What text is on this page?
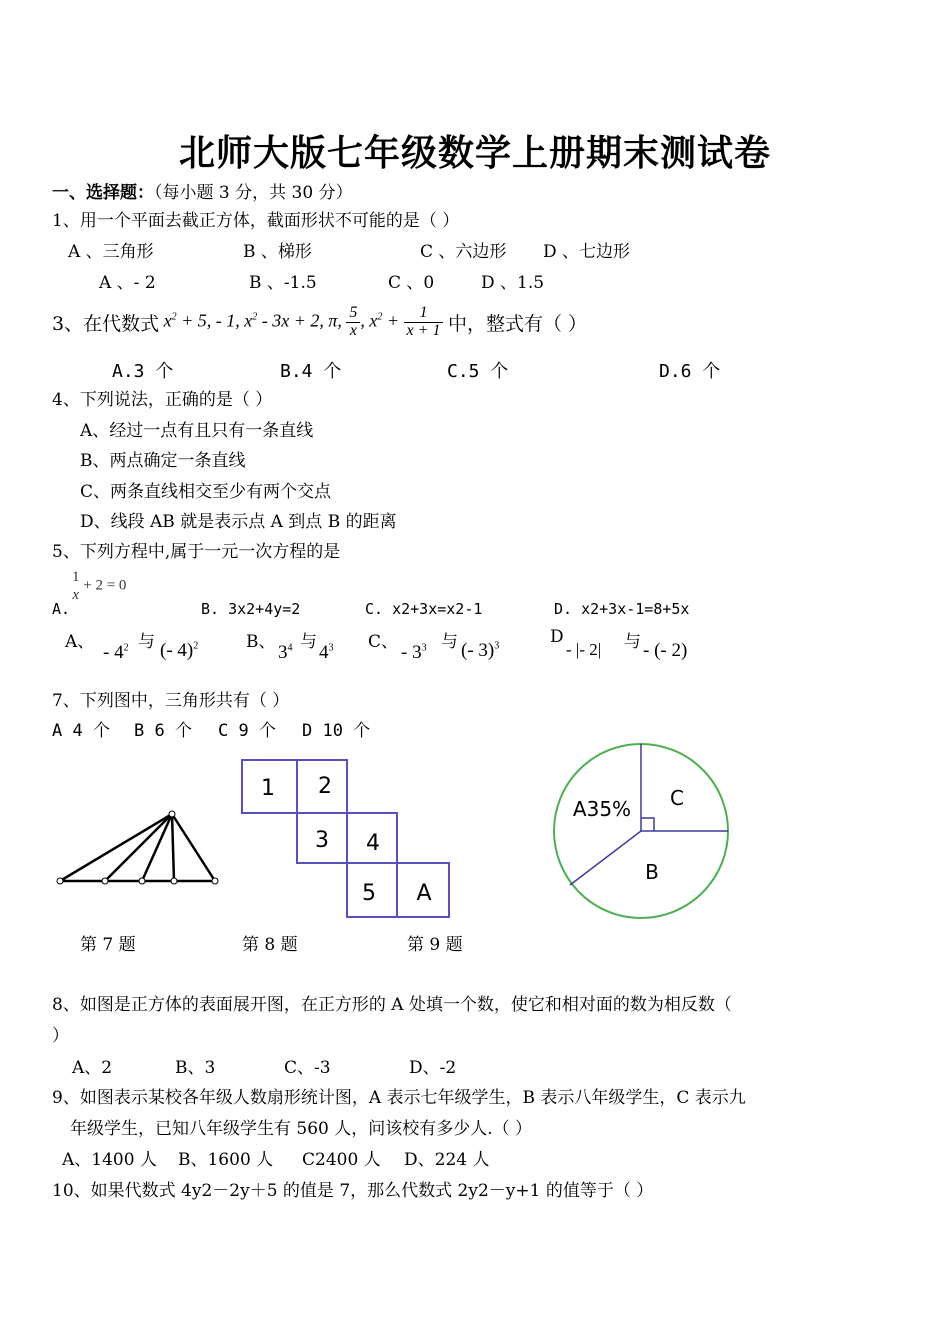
北师大版七年级数学上册期末测试卷
一、选择题：（每小题 3 分，共 30 分）
1、用一个平面去截正方体，截面形状不可能的是（ ）
A 、三角形	B 、梯形	C 、六边形 D 、七边形
A 、- 2	B 、-1.5	C 、0	D 、1.5
3、在代数式 $x^2 + 5$, - 1, $x^2 - 3x + 2$, π, $\frac{5}{x}$ , $x^2 + \frac{1}{x + 1}$
中，整式有（ ）
A.3 个	B.4 个	C.5 个	D.6 个
4、下列说法，正确的是（ ）
A、经过一点有且只有一条直线
B、两点确定一条直线
C、两条直线相交至少有两个交点
D、线段 AB 就是表示点 A 到点 B 的距离
5、下列方程中,属于一元一次方程的是
A.
1
x
+ 2 = 0
B. 3x2+4y=2	C. x2+3x=x2-1	D. x2+3x-1=8+5x
A、 - $4^2$ 与 (- 4)$^2$	B、 $3^4$ 与 $4^3$ C、 - $3^3$ 与 (- 3)$^3$	D
- |- 2| 与 - (- 2)
7、下列图中，三角形共有（ ）
A 4 个 B 6 个 C 9 个 D 10 个
1 2
3 4
5 A
A35% C
B
第 7 题	第 8 题	第 9 题
8、如图是正方体的表面展开图，在正方形的 A 处填一个数，使它和相对面的数为相反数（
）
A、2	B、3	C、-3	D、-2
9、如图表示某校各年级人数扇形统计图，A 表示七年级学生，B 表示八年级学生，C 表示九
年级学生，已知八年级学生有 560 人，问该校有多少人.（ ）
A、1400 人 B、1600 人 C2400 人 D、224 人
10、如果代数式 4y2－2y＋5 的值是 7，那么代数式 2y2－y+1 的值等于（ ）
